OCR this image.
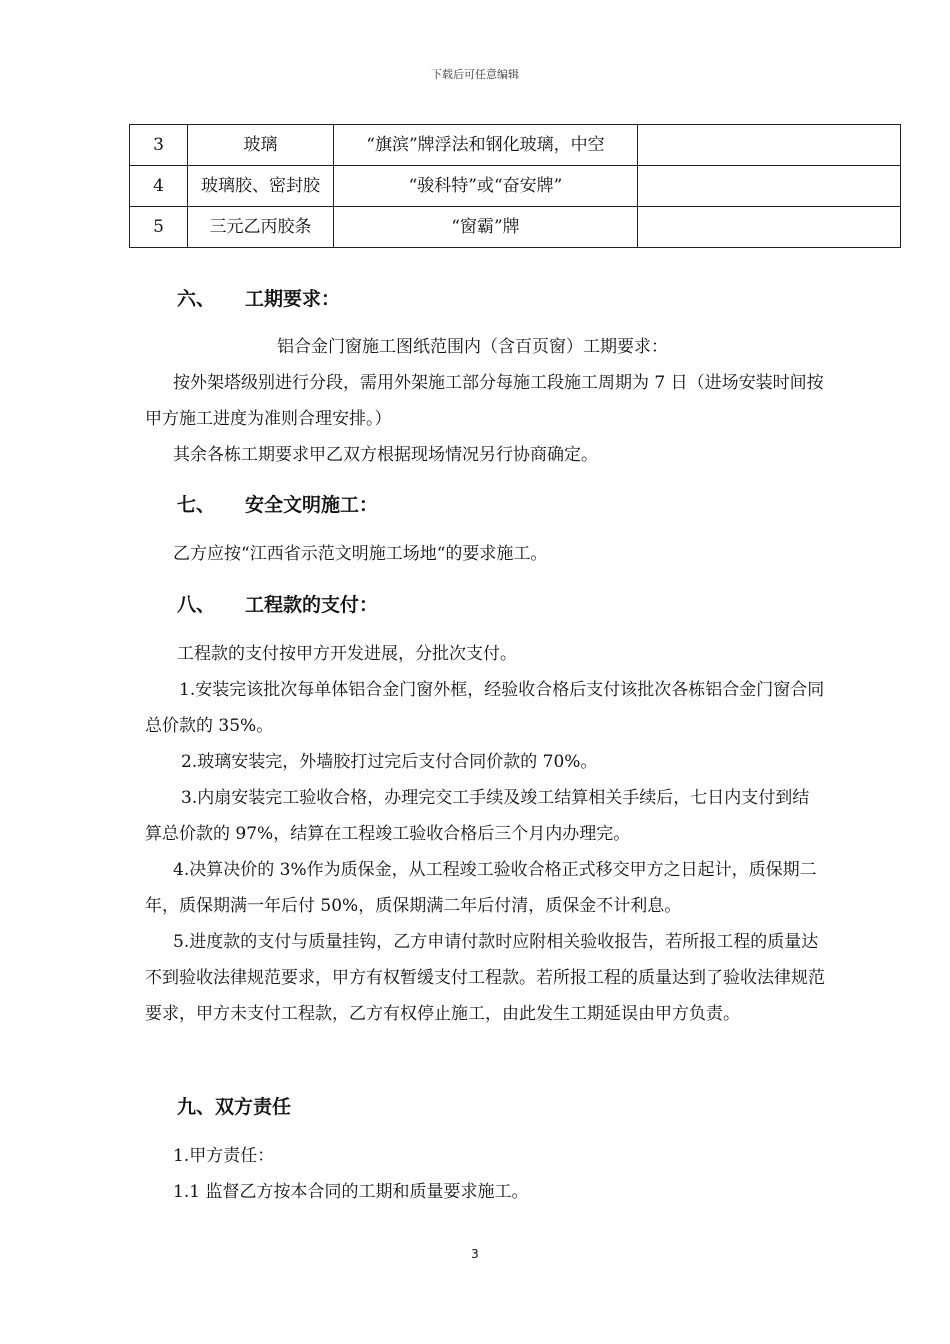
下载后可任意编辑
3	玻璃	“旗滨”牌浮法和钢化玻璃，中空	
4	玻璃胶、密封胶	“骏科特”或“奋安牌”	
5	三元乙丙胶条	“窗霸”牌	
六、 工期要求：

铝合金门窗施工图纸范围内（含百页窗）工期要求：

按外架塔级别进行分段，需用外架施工部分每施工段施工周期为 7 日（进场安装时间按甲方施工进度为准则合理安排。）

其余各栋工期要求甲乙双方根据现场情况另行协商确定。

七、 安全文明施工：

乙方应按“江西省示范文明施工场地“的要求施工。

八、 工程款的支付：

工程款的支付按甲方开发进展，分批次支付。

1.安装完该批次每单体铝合金门窗外框，经验收合格后支付该批次各栋铝合金门窗合同总价款的 35%。

2.玻璃安装完，外墙胶打过完后支付合同价款的 70%。

3.内扇安装完工验收合格，办理完交工手续及竣工结算相关手续后，七日内支付到结算总价款的 97%，结算在工程竣工验收合格后三个月内办理完。

4.决算决价的 3%作为质保金，从工程竣工验收合格正式移交甲方之日起计，质保期二年，质保期满一年后付 50%，质保期满二年后付清，质保金不计利息。

5.进度款的支付与质量挂钩，乙方申请付款时应附相关验收报告，若所报工程的质量达不到验收法律规范要求，甲方有权暂缓支付工程款。若所报工程的质量达到了验收法律规范要求，甲方未支付工程款，乙方有权停止施工，由此发生工期延误由甲方负责。

九、双方责任

1.甲方责任：

1.1 监督乙方按本合同的工期和质量要求施工。

3
